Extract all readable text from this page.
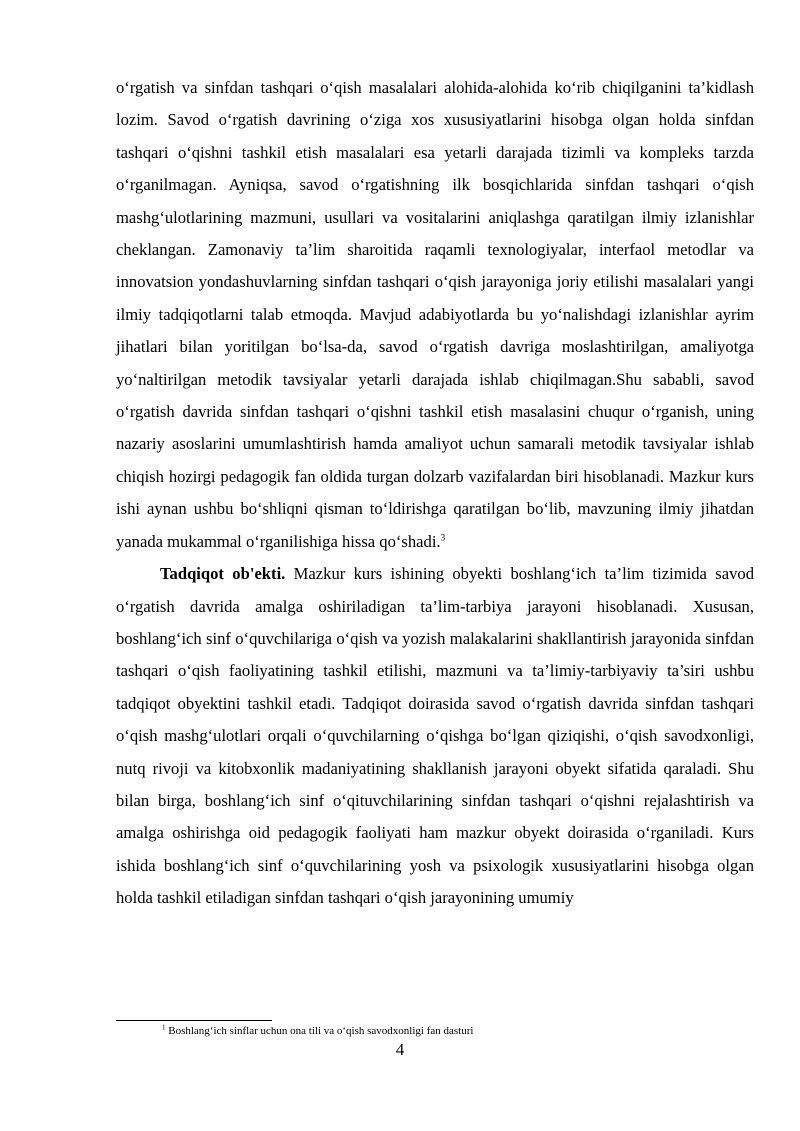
o‘rgatish va sinfdan tashqari o‘qish masalalari alohida-alohida ko‘rib chiqilganini ta’kidlash lozim. Savod o‘rgatish davrining o‘ziga xos xususiyatlarini hisobga olgan holda sinfdan tashqari o‘qishni tashkil etish masalalari esa yetarli darajada tizimli va kompleks tarzda o‘rganilmagan. Ayniqsa, savod o‘rgatishning ilk bosqichlarida sinfdan tashqari o‘qish mashg‘ulotlarining mazmuni, usullari va vositalarini aniqlashga qaratilgan ilmiy izlanishlar cheklangan. Zamonaviy ta’lim sharoitida raqamli texnologiyalar, interfaol metodlar va innovatsion yondashuvlarning sinfdan tashqari o‘qish jarayoniga joriy etilishi masalalari yangi ilmiy tadqiqotlarni talab etmoqda. Mavjud adabiyotlarda bu yo‘nalishdagi izlanishlar ayrim jihatlari bilan yoritilgan bo‘lsa-da, savod o‘rgatish davriga moslashtirilgan, amaliyotga yo‘naltirilgan metodik tavsiyalar yetarli darajada ishlab chiqilmagan.Shu sababli, savod o‘rgatish davrida sinfdan tashqari o‘qishni tashkil etish masalasini chuqur o‘rganish, uning nazariy asoslarini umumlashtirish hamda amaliyot uchun samarali metodik tavsiyalar ishlab chiqish hozirgi pedagogik fan oldida turgan dolzarb vazifalardan biri hisoblanadi. Mazkur kurs ishi aynan ushbu bo‘shliqni qisman to‘ldirishga qaratilgan bo‘lib, mavzuning ilmiy jihatdan yanada mukammal o‘rganilishiga hissa qo‘shadi.$^3$

Tadqiqot ob'ekti. Mazkur kurs ishining obyekti boshlang‘ich ta’lim tizimida savod o‘rgatish davrida amalga oshiriladigan ta’lim-tarbiya jarayoni hisoblanadi. Xususan, boshlang‘ich sinf o‘quvchilariga o‘qish va yozish malakalarini shakllantirish jarayonida sinfdan tashqari o‘qish faoliyatining tashkil etilishi, mazmuni va ta’limiy-tarbiyaviy ta’siri ushbu tadqiqot obyektini tashkil etadi. Tadqiqot doirasida savod o‘rgatish davrida sinfdan tashqari o‘qish mashg‘ulotlari orqali o‘quvchilarning o‘qishga bo‘lgan qiziqishi, o‘qish savodxonligi, nutq rivoji va kitobxonlik madaniyatining shakllanish jarayoni obyekt sifatida qaraladi. Shu bilan birga, boshlang‘ich sinf o‘qituvchilarining sinfdan tashqari o‘qishni rejalashtirish va amalga oshirishga oid pedagogik faoliyati ham mazkur obyekt doirasida o‘rganiladi. Kurs ishida boshlang‘ich sinf o‘quvchilarining yosh va psixologik xususiyatlarini hisobga olgan holda tashkil etiladigan sinfdan tashqari o‘qish jarayonining umumiy

$^1$ Boshlang‘ich sinflar uchun ona tili va o‘qish savodxonligi fan dasturi

4
